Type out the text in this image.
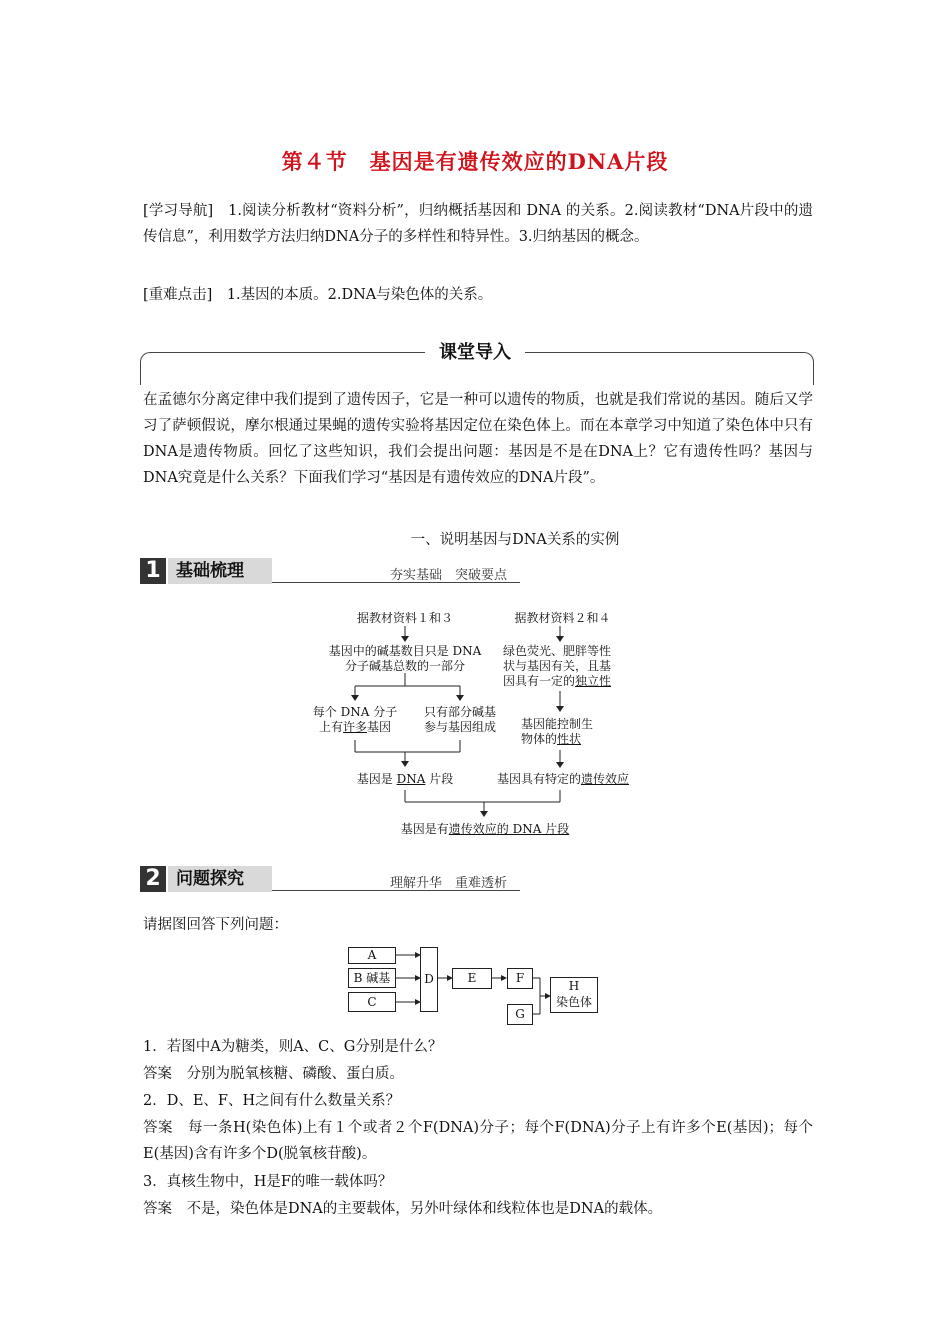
第４节　基因是有遗传效应的DNA片段
[学习导航]　 1.阅读分析教材“资料分析”，归纳概括基因和 DNA 的关系。2.阅读教材“DNA片段中的遗传信息”，利用数学方法归纳DNA分子的多样性和特异性。3.归纳基因的概念。
[重难点击]　 1.基因的本质。2.DNA与染色体的关系。
课堂导入
在孟德尔分离定律中我们提到了遗传因子，它是一种可以遗传的物质，也就是我们常说的基因。随后又学习了萨顿假说，摩尔根通过果蝇的遗传实验将基因定位在染色体上。而在本章学习中知道了染色体中只有DNA是遗传物质。回忆了这些知识，我们会提出问题：基因是不是在DNA上？它有遗传性吗？基因与DNA究竟是什么关系？下面我们学习“基因是有遗传效应的DNA片段”。
一、说明基因与DNA关系的实例
1 基础梳理	夯实基础　突破要点
据教材资料１和３
基因中的碱基数目只是 DNA
分子碱基总数的一部分
每个 DNA 分子
上有许多基因
只有部分碱基
参与基因组成
基因是 DNA 片段
据教材资料２和４
绿色荧光、肥胖等性
状与基因有关，且基
因具有一定的独立性
基因能控制生
物体的性状
基因具有特定的遗传效应
基因是有遗传效应的 DNA 片段
2 问题探究	理解升华　重难透析
请据图回答下列问题：
A
B 碱基
C
D	E	F
G
H
染色体
1．若图中A为糖类，则A、C、G分别是什么？
答案　分别为脱氧核糖、磷酸、蛋白质。
2．D、E、F、H之间有什么数量关系？
答案　每一条H(染色体)上有１个或者２个F(DNA)分子；每个F(DNA)分子上有许多个E(基因)；每个E(基因)含有许多个D(脱氧核苷酸)。
3．真核生物中，H是F的唯一载体吗？
答案　不是，染色体是DNA的主要载体，另外叶绿体和线粒体也是DNA的载体。
